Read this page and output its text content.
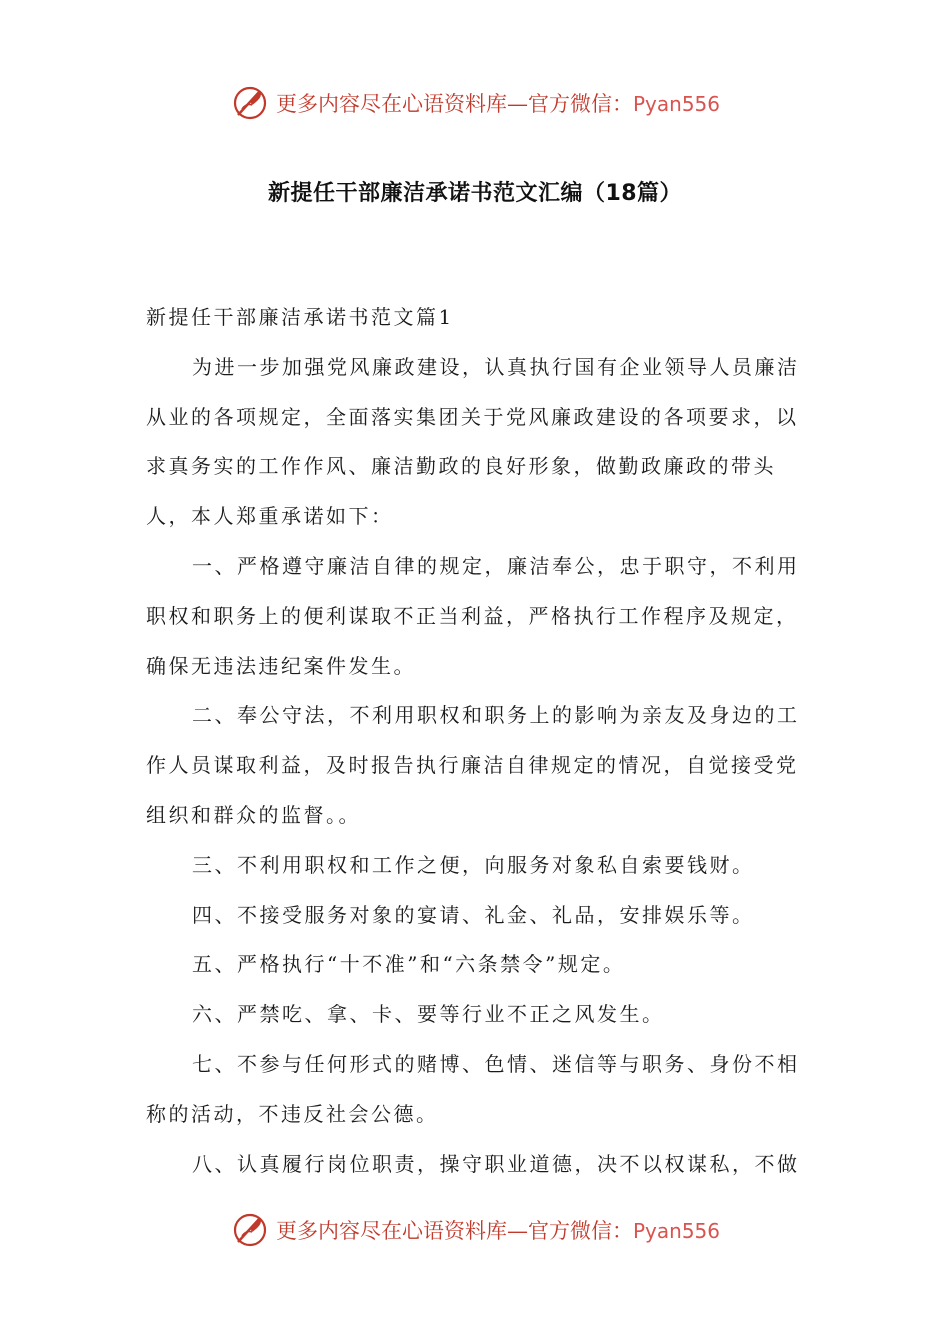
更多内容尽在心语资料库—官方微信：Pyan556
新提任干部廉洁承诺书范文汇编（18篇）

新提任干部廉洁承诺书范文篇1

为进一步加强党风廉政建设，认真执行国有企业领导人员廉洁从业的各项规定，全面落实集团关于党风廉政建设的各项要求，以求真务实的工作作风、廉洁勤政的良好形象，做勤政廉政的带头人，本人郑重承诺如下：

一、严格遵守廉洁自律的规定，廉洁奉公，忠于职守，不利用职权和职务上的便利谋取不正当利益，严格执行工作程序及规定，确保无违法违纪案件发生。

二、奉公守法，不利用职权和职务上的影响为亲友及身边的工作人员谋取利益，及时报告执行廉洁自律规定的情况，自觉接受党组织和群众的监督。。

三、不利用职权和工作之便，向服务对象私自索要钱财。

四、不接受服务对象的宴请、礼金、礼品，安排娱乐等。

五、严格执行“十不准”和“六条禁令”规定。

六、严禁吃、拿、卡、要等行业不正之风发生。

七、不参与任何形式的赌博、色情、迷信等与职务、身份不相称的活动，不违反社会公德。

八、认真履行岗位职责，操守职业道德，决不以权谋私，不做

更多内容尽在心语资料库—官方微信：Pyan556
